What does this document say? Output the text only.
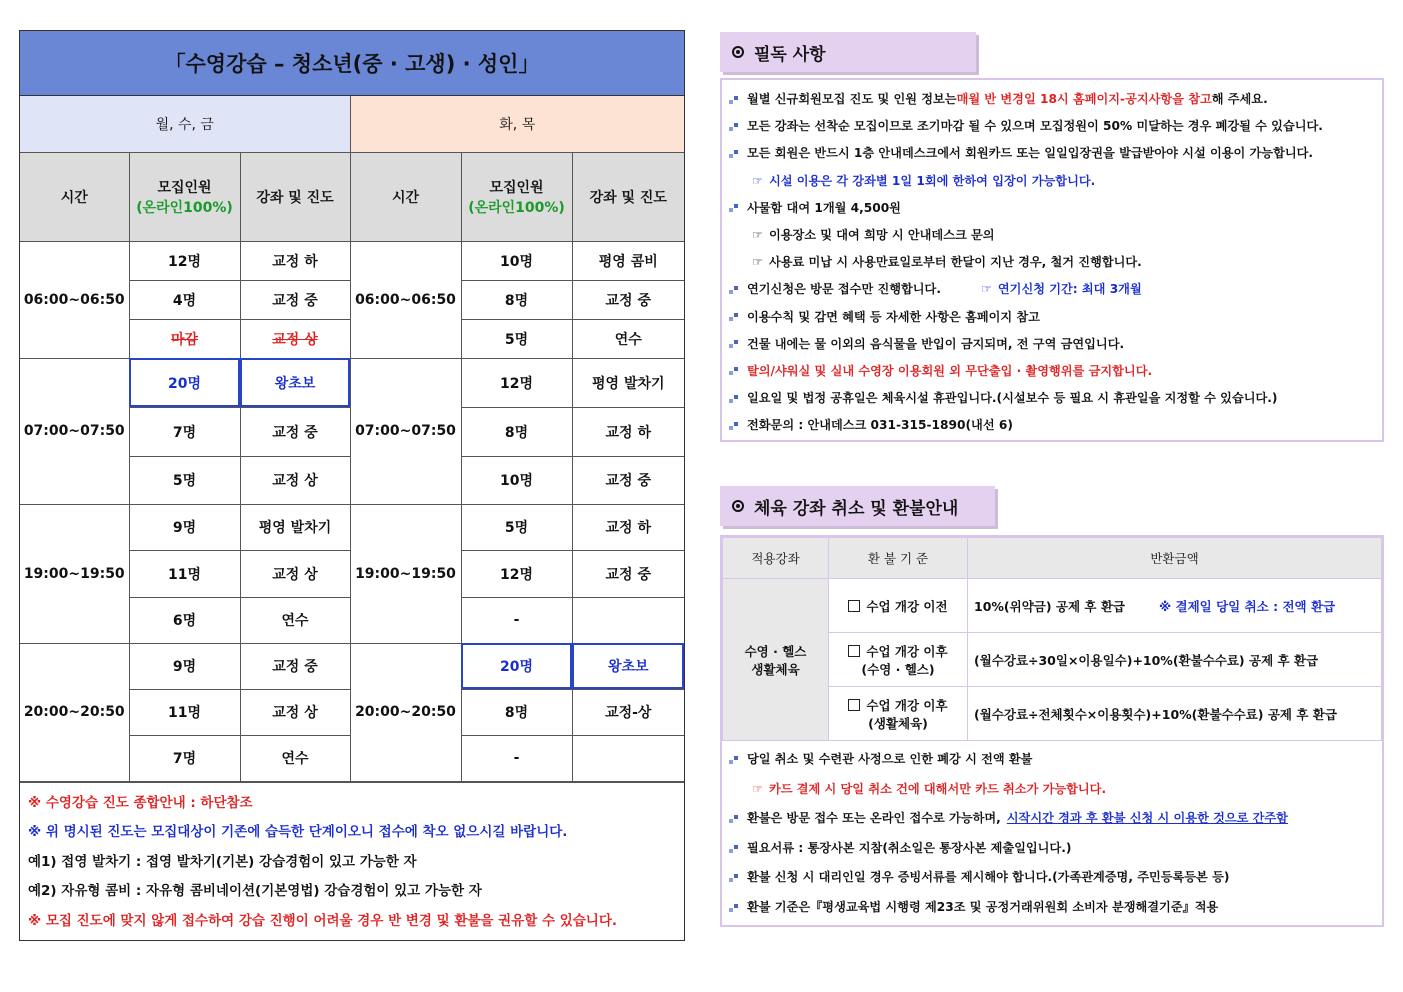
「수영강습 – 청소년(중 · 고생) · 성인」
월, 수, 금			화, 목		
시간	모집인원
(온라인100%)	강좌 및 진도	시간	모집인원
(온라인100%)	강좌 및 진도
06:00~06:50	12명	교정 하	06:00~06:50	10명	평영 콤비
	4명	교정 중		8명	교정 중
	마감	교정 상		5명	연수
07:00~07:50	20명	왕초보	07:00~07:50	12명	평영 발차기
	7명	교정 중		8명	교정 하
	5명	교정 상		10명	교정 중
19:00~19:50	9명	평영 발차기	19:00~19:50	5명	교정 하
	11명	교정 상		12명	교정 중
	6명	연수		-	
20:00~20:50	9명	교정 중	20:00~20:50	20명	왕초보
	11명	교정 상		8명	교정-상
	7명	연수		-	
※ 수영강습 진도 종합안내 : 하단참조
※ 위 명시된 진도는 모집대상이 기존에 습득한 단계이오니 접수에 착오 없으시길 바랍니다.
예1) 접영 발차기 : 접영 발차기(기본) 강습경험이 있고 가능한 자
예2) 자유형 콤비 : 자유형 콤비네이션(기본영법) 강습경험이 있고 가능한 자
※ 모집 진도에 맞지 않게 접수하여 강습 진행이 어려울 경우 반 변경 및 환불을 권유할 수 있습니다.
필독 사항
월별 신규회원모집 진도 및 인원 정보는 매월 반 변경일 18시 홈페이지-공지사항을 참고 해 주세요.
모든 강좌는 선착순 모집이므로 조기마감 될 수 있으며 모집정원이 50% 미달하는 경우 폐강될 수 있습니다.
모든 회원은 반드시 1층 안내데스크에서 회원카드 또는 일일입장권을 발급받아야 시설 이용이 가능합니다.
☞ 시설 이용은 각 강좌별 1일 1회에 한하여 입장이 가능합니다.
사물함 대여 1개월 4,500원
☞ 이용장소 및 대여 희망 시 안내데스크 문의
☞ 사용료 미납 시 사용만료일로부터 한달이 지난 경우, 철거 진행합니다.
연기신청은 방문 접수만 진행합니다.	☞ 연기신청 기간: 최대 3개월
이용수칙 및 감면 혜택 등 자세한 사항은 홈페이지 참고
건물 내에는 물 이외의 음식물을 반입이 금지되며, 전 구역 금연입니다.
탈의/샤워실 및 실내 수영장 이용회원 외 무단출입 · 촬영행위를 금지합니다.
일요일 및 법정 공휴일은 체육시설 휴관입니다.(시설보수 등 필요 시 휴관일을 지정할 수 있습니다.)
전화문의 : 안내데스크 031-315-1890(내선 6)
체육 강좌 취소 및 환불안내
적용강좌	환 불 기 준	반환금액
수영 · 헬스
생활체육	수업 개강 이전	10%(위약금) 공제 후 환급 ※ 결제일 당일 취소 : 전액 환급
	수업 개강 이후
(수영 · 헬스)	(월수강료÷30일×이용일수)+10%(환불수수료) 공제 후 환급
	수업 개강 이후
(생활체육)	(월수강료÷전체횟수×이용횟수)+10%(환불수수료) 공제 후 환급
당일 취소 및 수련관 사정으로 인한 폐강 시 전액 환불
☞ 카드 결제 시 당일 취소 건에 대해서만 카드 취소가 가능합니다.
환불은 방문 접수 또는 온라인 접수로 가능하며, 시작시간 경과 후 환불 신청 시 이용한 것으로 간주함
필요서류 : 통장사본 지참(취소일은 통장사본 제출일입니다.)
환불 신청 시 대리인일 경우 증빙서류를 제시해야 합니다.(가족관계증명, 주민등록등본 등)
환불 기준은『평생교육법 시행령 제23조 및 공정거래위원회 소비자 분쟁해결기준』적용
